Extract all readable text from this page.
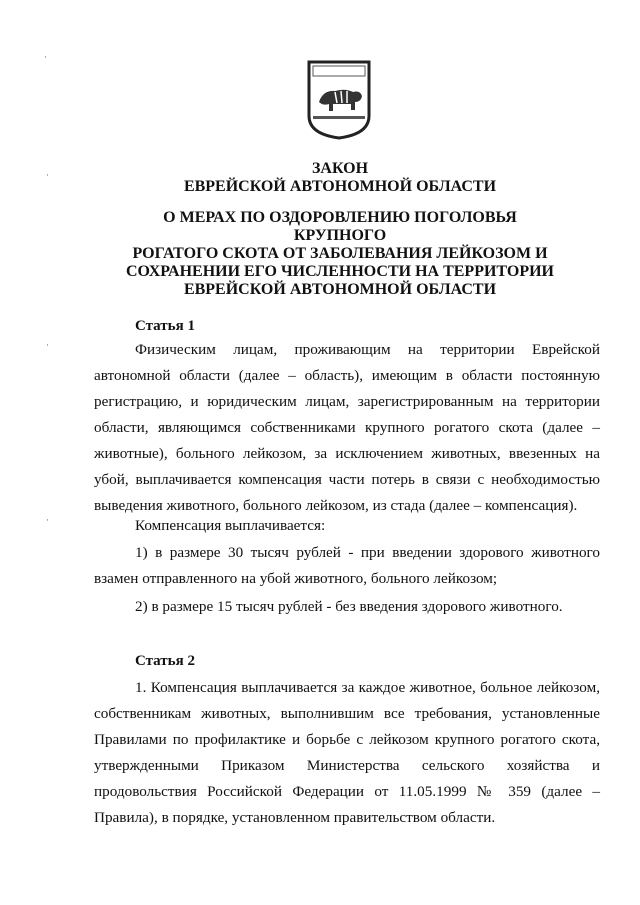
ЗАКОН
ЕВРЕЙСКОЙ АВТОНОМНОЙ ОБЛАСТИ
О МЕРАХ ПО ОЗДОРОВЛЕНИЮ ПОГОЛОВЬЯ КРУПНОГО
РОГАТОГО СКОТА ОТ ЗАБОЛЕВАНИЯ ЛЕЙКОЗОМ И
СОХРАНЕНИИ ЕГО ЧИСЛЕННОСТИ НА ТЕРРИТОРИИ
ЕВРЕЙСКОЙ АВТОНОМНОЙ ОБЛАСТИ
Статья 1
Физическим лицам, проживающим на территории Еврейской автономной области (далее – область), имеющим в области постоянную регистрацию, и юридическим лицам, зарегистрированным на территории области, являющимся собственниками крупного рогатого скота (далее – животные), больного лейкозом, за исключением животных, ввезенных на убой, выплачивается компенсация части потерь в связи с необходимостью выведения животного, больного лейкозом, из стада (далее – компенсация).
Компенсация выплачивается:
1) в размере 30 тысяч рублей - при введении здорового животного взамен отправленного на убой животного, больного лейкозом;
2) в размере 15 тысяч рублей - без введения здорового животного.
Статья 2
1. Компенсация выплачивается за каждое животное, больное лейкозом, собственникам животных, выполнившим все требования, установленные Правилами по профилактике и борьбе с лейкозом крупного рогатого скота, утвержденными Приказом Министерства сельского хозяйства и продовольствия Российской Федерации от 11.05.1999 № 359 (далее – Правила), в порядке, установленном правительством области.
·
·
·
·
